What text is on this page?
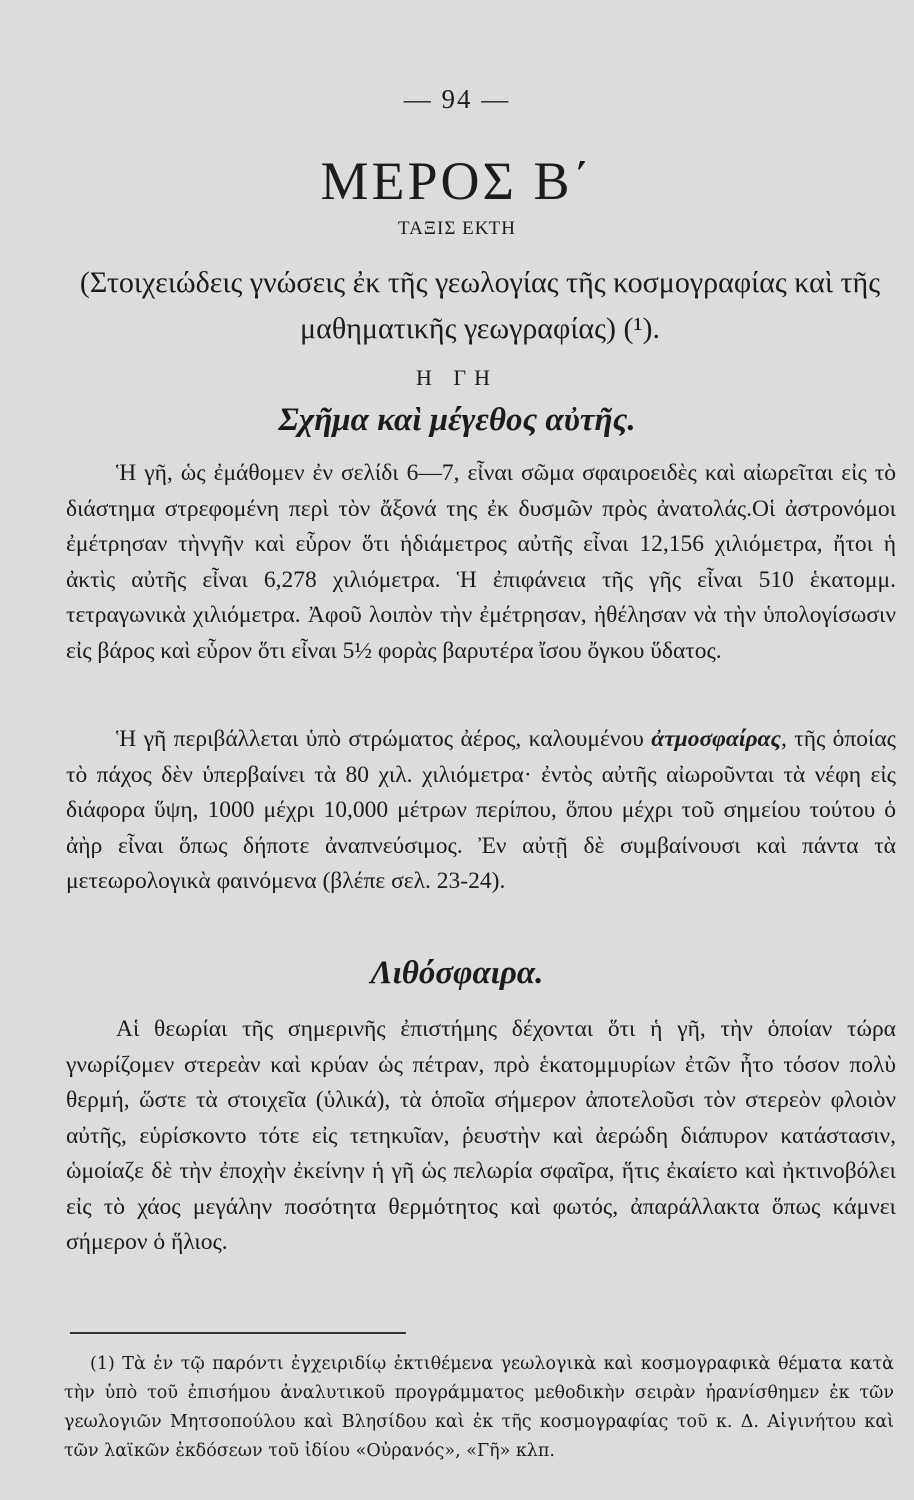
— 94 —
ΜΕΡΟΣ Β΄
ΤΑΞΙΣ ΕΚΤΗ
(Στοιχειώδεις γνώσεις ἐκ τῆς γεωλογίας τῆς κοσμογραφίας καὶ τῆς μαθηματικῆς γεωγραφίας) (¹).
Η ΓΗ
Σχῆμα καὶ μέγεθος αὐτῆς.
Ἡ γῆ, ὡς ἐμάθομεν ἐν σελίδι 6—7, εἶναι σῶμα σφαιροειδὲς καὶ αἰωρεῖται εἰς τὸ διάστημα στρεφομένη περὶ τὸν ἄξονά της ἐκ δυσμῶν πρὸς ἀνατολάς.Οἱ ἀστρονόμοι ἐμέτρησαν τὴνγῆν καὶ εὗρον ὅτι ἡδιάμετρος αὐτῆς εἶναι 12,156 χιλιόμετρα, ἤτοι ἡ ἀκτὶς αὐτῆς εἶναι 6,278 χιλιόμετρα. Ἡ ἐπιφάνεια τῆς γῆς εἶναι 510 ἑκατομμ. τετραγωνικὰ χιλιόμετρα. Ἀφοῦ λοιπὸν τὴν ἐμέτρησαν, ἠθέλησαν νὰ τὴν ὑπολογίσωσιν εἰς βάρος καὶ εὗρον ὅτι εἶναι 5½ φορὰς βαρυτέρα ἴσου ὄγκου ὕδατος.
Ἡ γῆ περιβάλλεται ὑπὸ στρώματος ἀέρος, καλουμένου ἀτμοσφαίρας, τῆς ὁποίας τὸ πάχος δὲν ὑπερβαίνει τὰ 80 χιλ. χιλιόμετρα· ἐντὸς αὐτῆς αἰωροῦνται τὰ νέφη εἰς διάφορα ὕψη, 1000 μέχρι 10,000 μέτρων περίπου, ὅπου μέχρι τοῦ σημείου τούτου ὁ ἀὴρ εἶναι ὅπως δήποτε ἀναπνεύσιμος. Ἐν αὐτῇ δὲ συμβαίνουσι καὶ πάντα τὰ μετεωρολογικὰ φαινόμενα (βλέπε σελ. 23-24).
Λιθόσφαιρα.
Αἱ θεωρίαι τῆς σημερινῆς ἐπιστήμης δέχονται ὅτι ἡ γῆ, τὴν ὁποίαν τώρα γνωρίζομεν στερεὰν καὶ κρύαν ὡς πέτραν, πρὸ ἑκατομμυρίων ἐτῶν ἦτο τόσον πολὺ θερμή, ὥστε τὰ στοιχεῖα (ὑλικά), τὰ ὁποῖα σήμερον ἀποτελοῦσι τὸν στερεὸν φλοιὸν αὐτῆς, εὑρίσκοντο τότε εἰς τετηκυῖαν, ῥευστὴν καὶ ἀερώδη διάπυρον κατάστασιν, ὡμοίαζε δὲ τὴν ἐποχὴν ἐκείνην ἡ γῆ ὡς πελωρία σφαῖρα, ἥτις ἐκαίετο καὶ ἠκτινοβόλει εἰς τὸ χάος μεγάλην ποσότητα θερμότητος καὶ φωτός, ἀπαράλλακτα ὅπως κάμνει σήμερον ὁ ἥλιος.
(1) Τὰ ἐν τῷ παρόντι ἐγχειριδίῳ ἐκτιθέμενα γεωλογικὰ καὶ κοσμογραφικὰ θέματα κατὰ τὴν ὑπὸ τοῦ ἐπισήμου ἀναλυτικοῦ προγράμματος μεθοδικὴν σειρὰν ἠρανίσθημεν ἐκ τῶν γεωλογιῶν Μητσοπούλου καὶ Βλησίδου καὶ ἐκ τῆς κοσμογραφίας τοῦ κ. Δ. Αἰγινήτου καὶ τῶν λαϊκῶν ἐκδόσεων τοῦ ἰδίου «Οὐρανός», «Γῆ» κλπ.
